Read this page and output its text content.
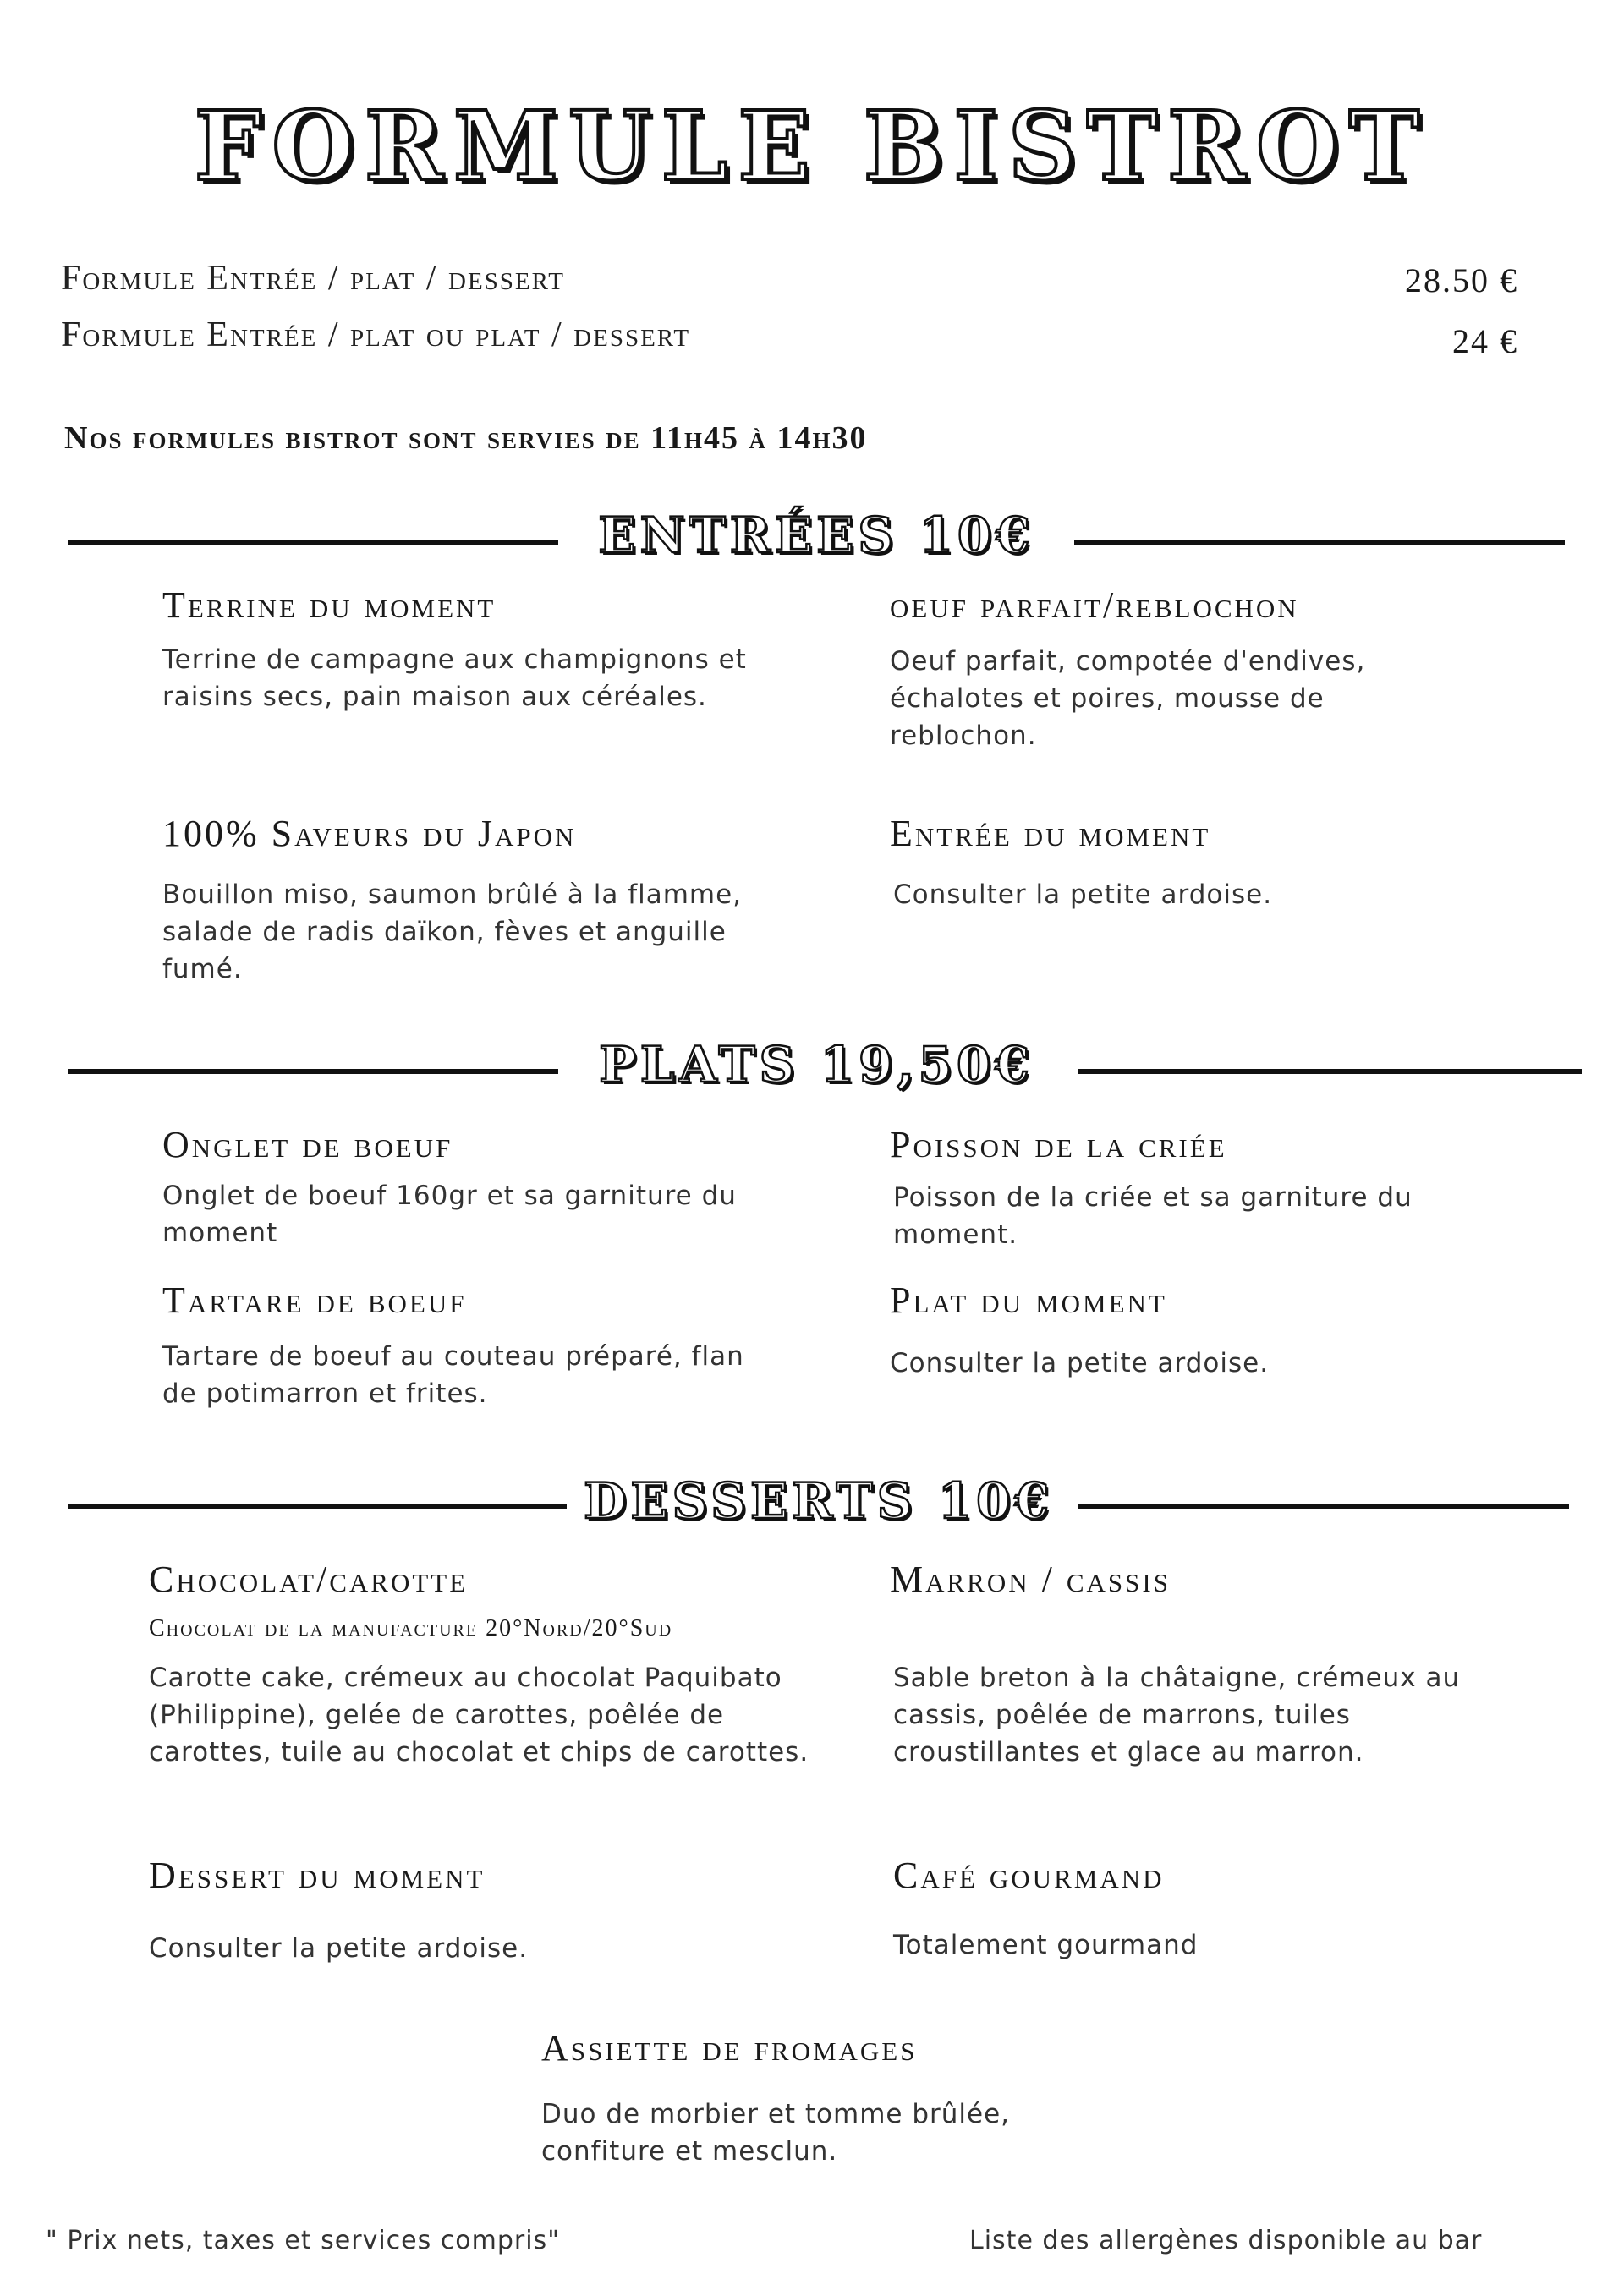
FORMULE BISTROT
Formule Entrée / plat / dessert	28.50 €
Formule Entrée / plat ou plat / dessert	24 €
Nos formules bistrot sont servies de 11h45 à 14h30
ENTRÉES 10€
Terrine du moment
Terrine de campagne aux champignons et raisins secs, pain maison aux céréales.
oeuf parfait/reblochon
Oeuf parfait, compotée d'endives, échalotes et poires, mousse de reblochon.
100% Saveurs du Japon
Bouillon miso, saumon brûlé à la flamme, salade de radis daïkon, fèves et anguille fumé.
Entrée du moment
Consulter la petite ardoise.
PLATS 19,50€
Onglet de boeuf
Onglet de boeuf 160gr et sa garniture du moment
Poisson de la criée
Poisson de la criée et sa garniture du moment.
Tartare de boeuf
Tartare de boeuf au couteau préparé, flan de potimarron et frites.
Plat du moment
Consulter la petite ardoise.
DESSERTS 10€
Chocolat/carotte
Chocolat de la manufacture 20°Nord/20°Sud
Carotte cake, crémeux au chocolat Paquibato (Philippine), gelée de carottes, poêlée de carottes, tuile au chocolat et chips de carottes.
Marron / cassis
Sable breton à la châtaigne, crémeux au cassis, poêlée de marrons, tuiles croustillantes et glace au marron.
Dessert du moment
Consulter la petite ardoise.
Café gourmand
Totalement gourmand
Assiette de fromages
Duo de morbier et tomme brûlée, confiture et mesclun.
" Prix nets, taxes et services compris"	Liste des allergènes disponible au bar
